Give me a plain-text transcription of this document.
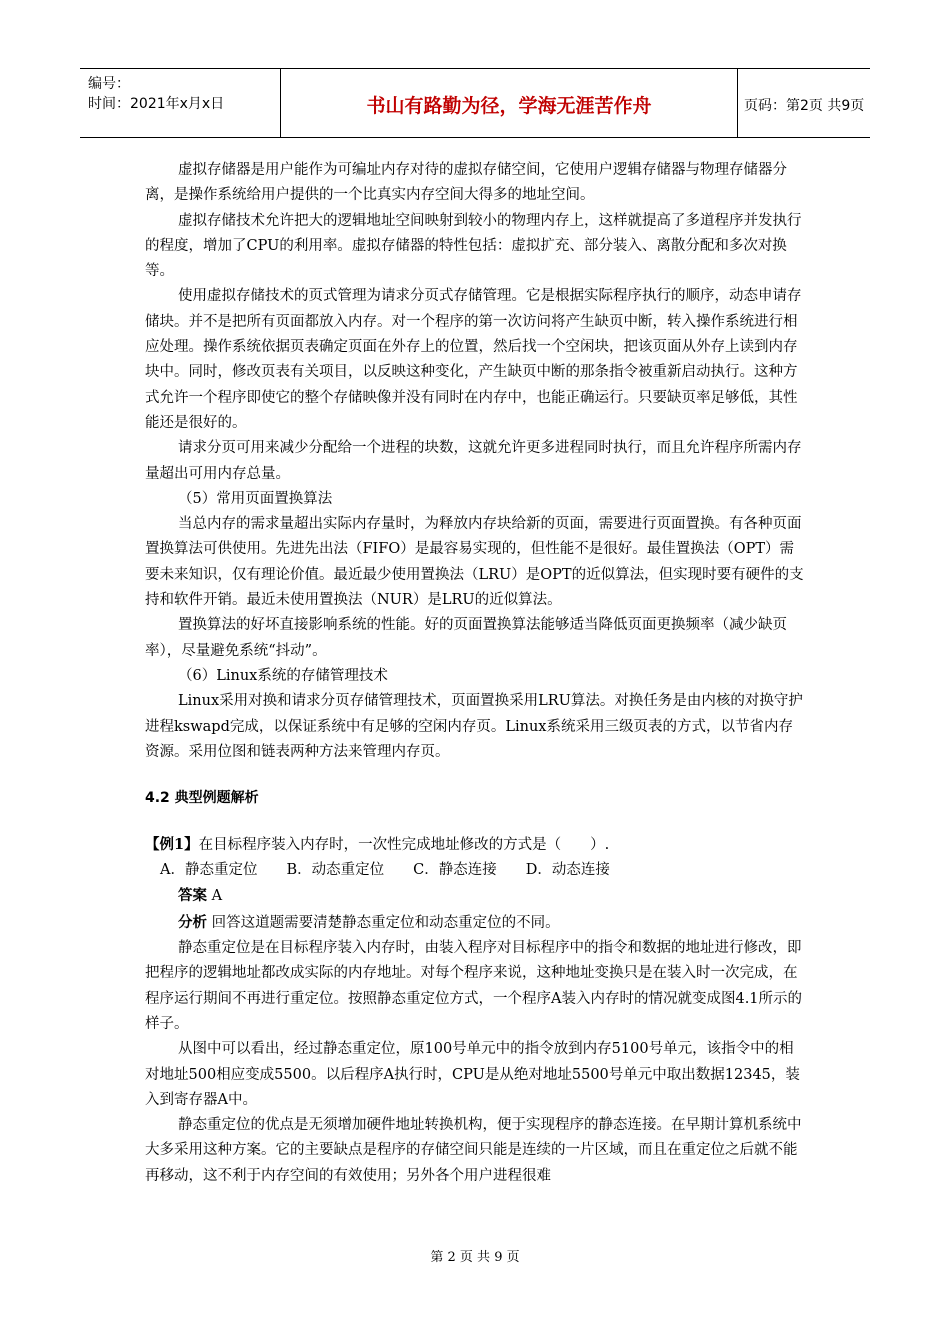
编号：
时间：2021年x月x日	书山有路勤为径，学海无涯苦作舟	页码：第2页 共9页
虚拟存储器是用户能作为可编址内存对待的虚拟存储空间，它使用户逻辑存储器与物理存储器分离，是操作系统给用户提供的一个比真实内存空间大得多的地址空间。
虚拟存储技术允许把大的逻辑地址空间映射到较小的物理内存上，这样就提高了多道程序并发执行的程度，增加了CPU的利用率。虚拟存储器的特性包括：虚拟扩充、部分装入、离散分配和多次对换等。
使用虚拟存储技术的页式管理为请求分页式存储管理。它是根据实际程序执行的顺序，动态申请存储块。并不是把所有页面都放入内存。对一个程序的第一次访问将产生缺页中断，转入操作系统进行相应处理。操作系统依据页表确定页面在外存上的位置，然后找一个空闲块，把该页面从外存上读到内存块中。同时，修改页表有关项目，以反映这种变化，产生缺页中断的那条指令被重新启动执行。这种方式允许一个程序即使它的整个存储映像并没有同时在内存中，也能正确运行。只要缺页率足够低，其性能还是很好的。
请求分页可用来减少分配给一个进程的块数，这就允许更多进程同时执行，而且允许程序所需内存量超出可用内存总量。
（5）常用页面置换算法
当总内存的需求量超出实际内存量时，为释放内存块给新的页面，需要进行页面置换。有各种页面置换算法可供使用。先进先出法（FIFO）是最容易实现的，但性能不是很好。最佳置换法（OPT）需要未来知识，仅有理论价值。最近最少使用置换法（LRU）是OPT的近似算法，但实现时要有硬件的支持和软件开销。最近未使用置换法（NUR）是LRU的近似算法。
置换算法的好坏直接影响系统的性能。好的页面置换算法能够适当降低页面更换频率（减少缺页率），尽量避免系统“抖动”。
（6）Linux系统的存储管理技术
Linux采用对换和请求分页存储管理技术，页面置换采用LRU算法。对换任务是由内核的对换守护进程kswapd完成，以保证系统中有足够的空闲内存页。Linux系统采用三级页表的方式，以节省内存资源。采用位图和链表两种方法来管理内存页。
4.2 典型例题解析
【例1】在目标程序装入内存时，一次性完成地址修改的方式是（　　）.
A．静态重定位　　B．动态重定位　　C．静态连接　　D．动态连接
答案 A
分析 回答这道题需要清楚静态重定位和动态重定位的不同。
静态重定位是在目标程序装入内存时，由装入程序对目标程序中的指令和数据的地址进行修改，即把程序的逻辑地址都改成实际的内存地址。对每个程序来说，这种地址变换只是在装入时一次完成，在程序运行期间不再进行重定位。按照静态重定位方式，一个程序A装入内存时的情况就变成图4.1所示的样子。
从图中可以看出，经过静态重定位，原100号单元中的指令放到内存5100号单元，该指令中的相对地址500相应变成5500。以后程序A执行时，CPU是从绝对地址5500号单元中取出数据12345，装入到寄存器A中。
静态重定位的优点是无须增加硬件地址转换机构，便于实现程序的静态连接。在早期计算机系统中大多采用这种方案。它的主要缺点是程序的存储空间只能是连续的一片区域，而且在重定位之后就不能再移动，这不利于内存空间的有效使用；另外各个用户进程很难
第 2 页 共 9 页
